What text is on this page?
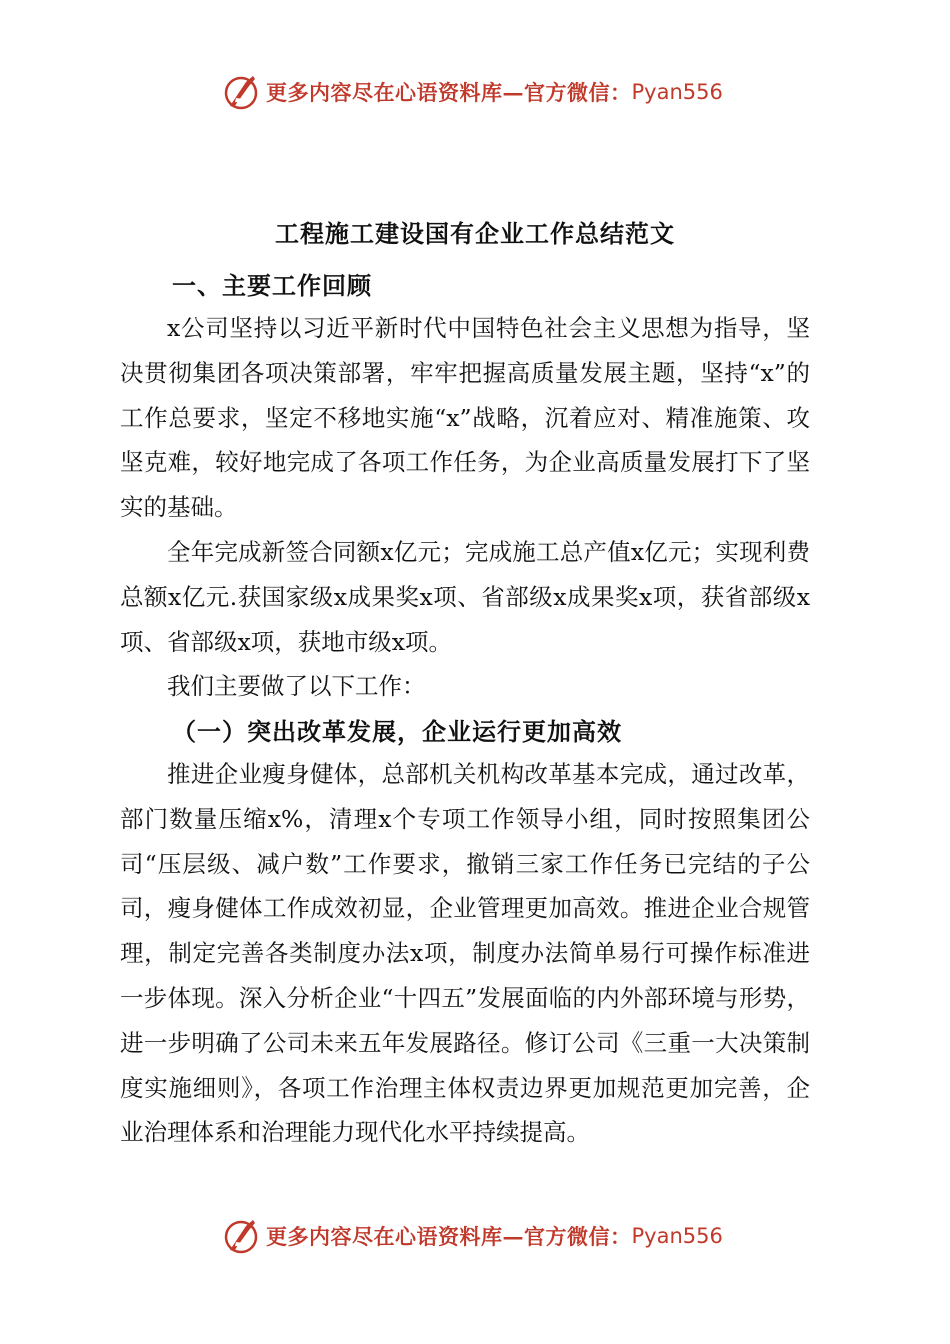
更多内容尽在心语资料库—官方微信： Pyan556
工程施工建设国有企业工作总结范文
一、主要工作回顾

x公司坚持以习近平新时代中国特色社会主义思想为指导，坚决贯彻集团各项决策部署，牢牢把握高质量发展主题，坚持“x”的工作总要求，坚定不移地实施“x”战略，沉着应对、精准施策、攻坚克难，较好地完成了各项工作任务，为企业高质量发展打下了坚实的基础。

全年完成新签合同额x亿元；完成施工总产值x亿元；实现利费总额x亿元.获国家级x成果奖x项、省部级x成果奖x项，获省部级x项、省部级x项，获地市级x项。

我们主要做了以下工作：

（一）突出改革发展，企业运行更加高效

推进企业瘦身健体，总部机关机构改革基本完成，通过改革，部门数量压缩x%，清理x个专项工作领导小组，同时按照集团公司“压层级、减户数”工作要求，撤销三家工作任务已完结的子公司，瘦身健体工作成效初显，企业管理更加高效。推进企业合规管理，制定完善各类制度办法x项，制度办法简单易行可操作标准进一步体现。深入分析企业“十四五”发展面临的内外部环境与形势，进一步明确了公司未来五年发展路径。修订公司《三重一大决策制度实施细则》，各项工作治理主体权责边界更加规范更加完善，企业治理体系和治理能力现代化水平持续提高。

更多内容尽在心语资料库—官方微信： Pyan556
